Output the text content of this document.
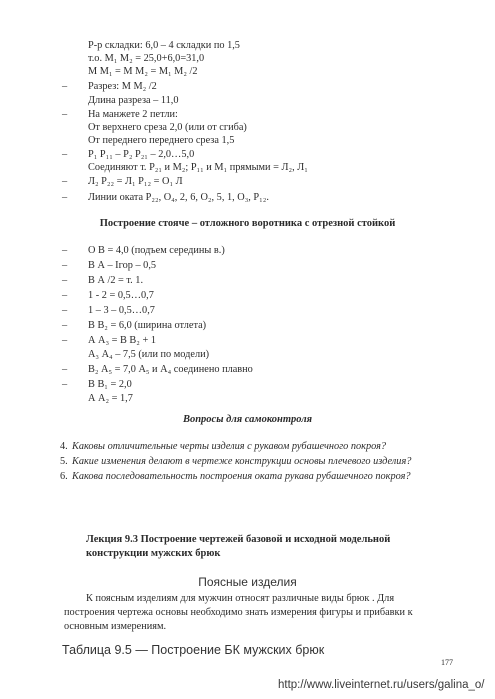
Р-р складки: 6,0 – 4 складки по 1,5
т.о. М₁ М₂ = 25,0+6,0=31,0
М М₁ = М М₂ = М₁ М₂ /2
– Разрез: М М₂ /2
Длина разреза – 11,0
– На манжете 2 петли:
От верхнего среза 2,0 (или от сгиба)
От переднего переднего среза 1,5
– Р₁ Р₁₁ – Р₂ Р₂₁ – 2,0…5,0
Соединяют т. Р₂₁ и М₂; Р₁₁ и М₁ прямыми = Л₂, Л₁
– Л₂ Р₂₂ = Л₁ Р₁₂ = О₁ Л
– Линии оката Р₂₂, О₄, 2, 6, О₂, 5, 1, О₃, Р₁₂.
Построение стояче – отложного воротника с отрезной стойкой
– О В = 4,0 (подъем середины в.)
– В А – Iгор – 0,5
– В А /2 = т. 1.
– 1 - 2 = 0,5…0,7
– 1 – 3 – 0,5…0,7
– В В₂ = 6,0 (ширина отлета)
– А А₃ = В В₂ + 1
А₃ А₄ – 7,5 (или по модели)
– В₂ А₅ = 7,0 А₅ и А₄ соединено плавно
– В В₁ = 2,0
А А₂ = 1,7
Вопросы для самоконтроля
4. Каковы отличительные черты изделия с рукавом рубашечного покроя?
5. Какие изменения делают в чертеже конструкции основы плечевого изделия?
6. Какова последовательность построения оката рукава рубашечного покроя?
Лекция 9.3 Построение чертежей базовой и исходной модельной
конструкции мужских брюк
Поясные изделия
К поясным изделиям для мужчин относят различные виды брюк . Для
построения чертежа основы необходимо знать измерения фигуры и прибавки к
основным измерениям.
Таблица 9.5 — Построение БК мужских брюк
177
http://www.liveinternet.ru/users/galina_o/
